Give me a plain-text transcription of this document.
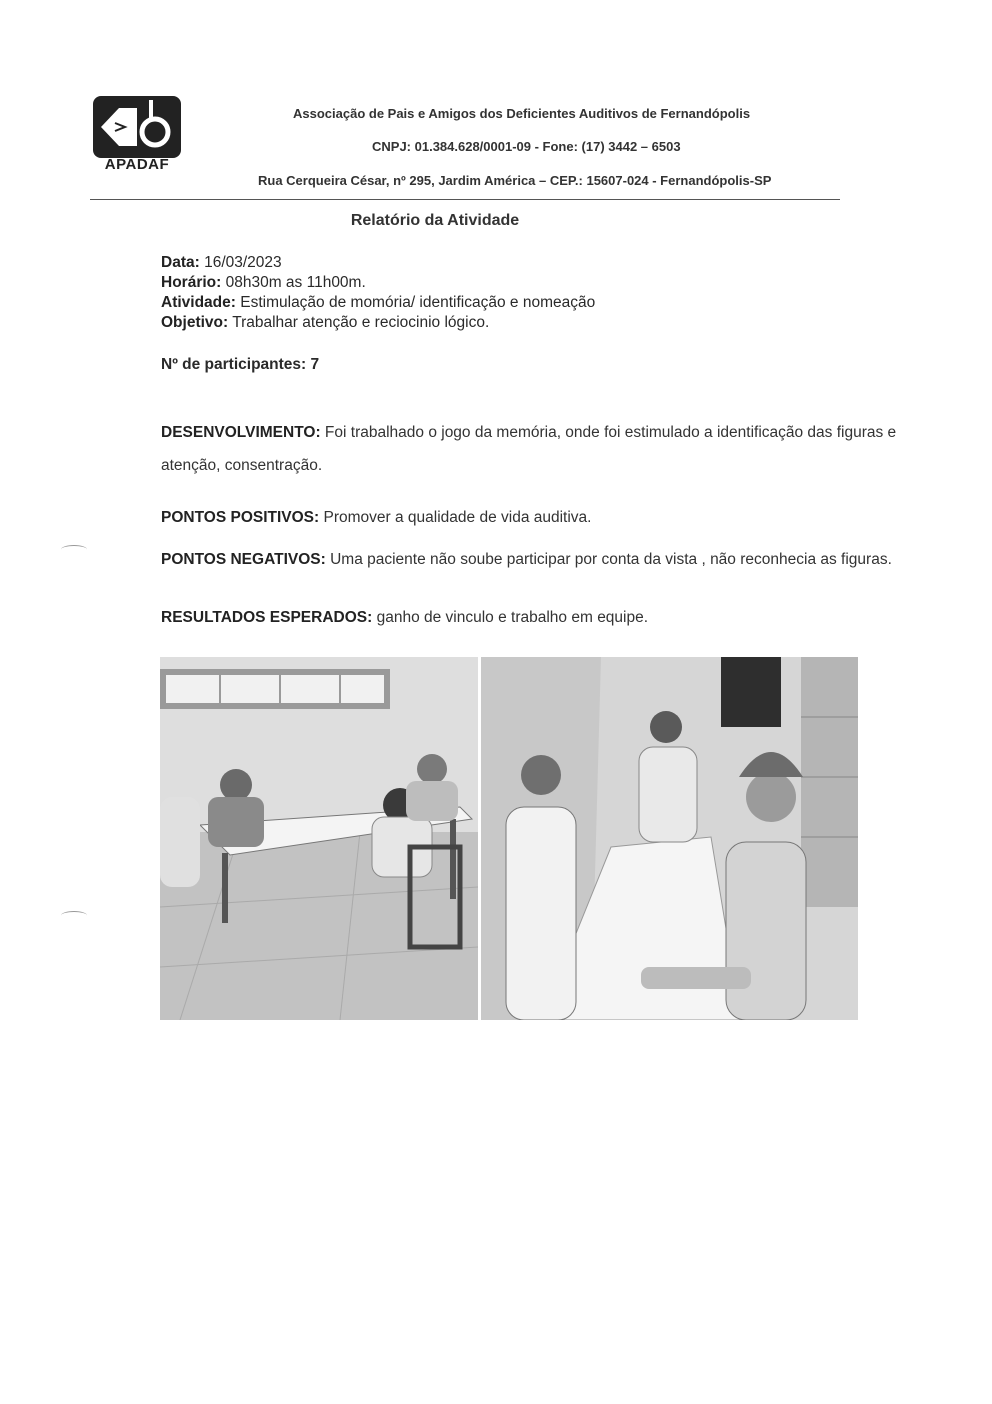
APADAF
Associação de Pais e Amigos dos Deficientes Auditivos de Fernandópolis
CNPJ: 01.384.628/0001-09 - Fone: (17) 3442 – 6503
Rua Cerqueira César, nº 295, Jardim América – CEP.: 15607-024 - Fernandópolis-SP
Relatório da Atividade
Data: 16/03/2023
Horário: 08h30m as 11h00m.
Atividade: Estimulação de momória/ identificação e nomeação
Objetivo: Trabalhar atenção e reciocinio lógico.
Nº de participantes: 7
DESENVOLVIMENTO: Foi trabalhado o jogo da memória, onde foi estimulado a identificação das figuras e atenção, consentração.
PONTOS POSITIVOS: Promover a qualidade de vida auditiva.
PONTOS NEGATIVOS: Uma paciente não soube participar por conta da vista , não reconhecia as figuras.
RESULTADOS ESPERADOS: ganho de vinculo e trabalho em equipe.
